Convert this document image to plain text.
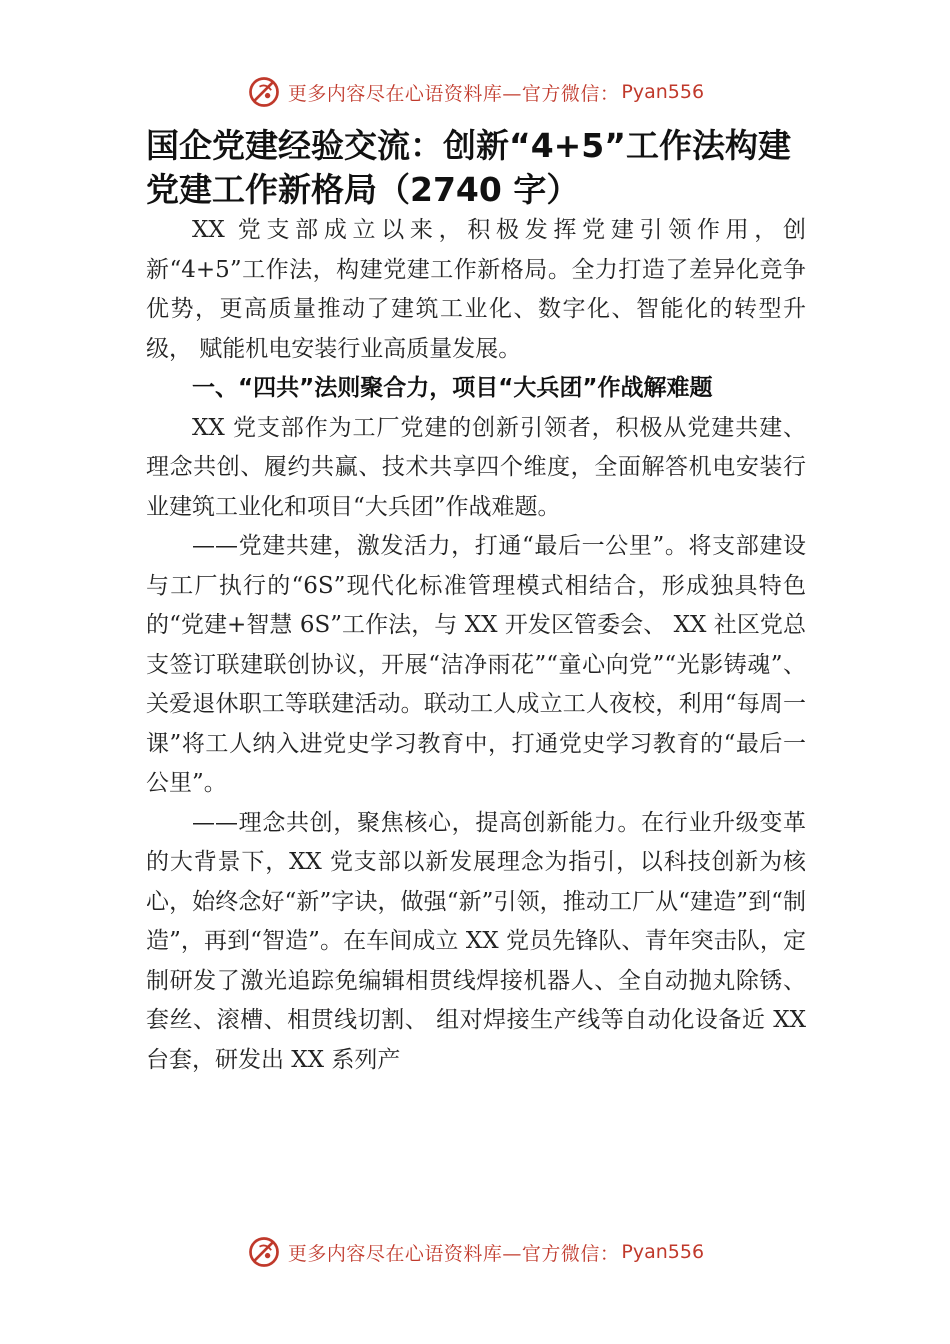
更多内容尽在心语资料库—官方微信： Pyan556
国企党建经验交流：创新“4+5”工作法构建党建工作新格局（2740 字）

XX 党支部成立以来，积极发挥党建引领作用，创新“4+5”工作法，构建党建工作新格局。全力打造了差异化竞争优势，更高质量推动了建筑工业化、数字化、智能化的转型升级， 赋能机电安装行业高质量发展。

一、“四共”法则聚合力，项目“大兵团”作战解难题

XX 党支部作为工厂党建的创新引领者，积极从党建共建、理念共创、履约共赢、技术共享四个维度，全面解答机电安装行业建筑工业化和项目“大兵团”作战难题。

——党建共建，激发活力，打通“最后一公里”。将支部建设与工厂执行的“6S”现代化标准管理模式相结合，形成独具特色的“党建+智慧 6S”工作法，与 XX 开发区管委会、 XX 社区党总支签订联建联创协议，开展“洁净雨花”“童心向党”“光影铸魂”、关爱退休职工等联建活动。联动工人成立工人夜校，利用“每周一课”将工人纳入进党史学习教育中，打通党史学习教育的“最后一公里”。

——理念共创，聚焦核心，提高创新能力。在行业升级变革的大背景下，XX 党支部以新发展理念为指引，以科技创新为核心，始终念好“新”字诀，做强“新”引领，推动工厂从“建造”到“制造”，再到“智造”。在车间成立 XX 党员先锋队、青年突击队，定制研发了激光追踪免编辑相贯线焊接机器人、全自动抛丸除锈、套丝、滚槽、相贯线切割、 组对焊接生产线等自动化设备近 XX 台套，研发出 XX 系列产

更多内容尽在心语资料库—官方微信： Pyan556
